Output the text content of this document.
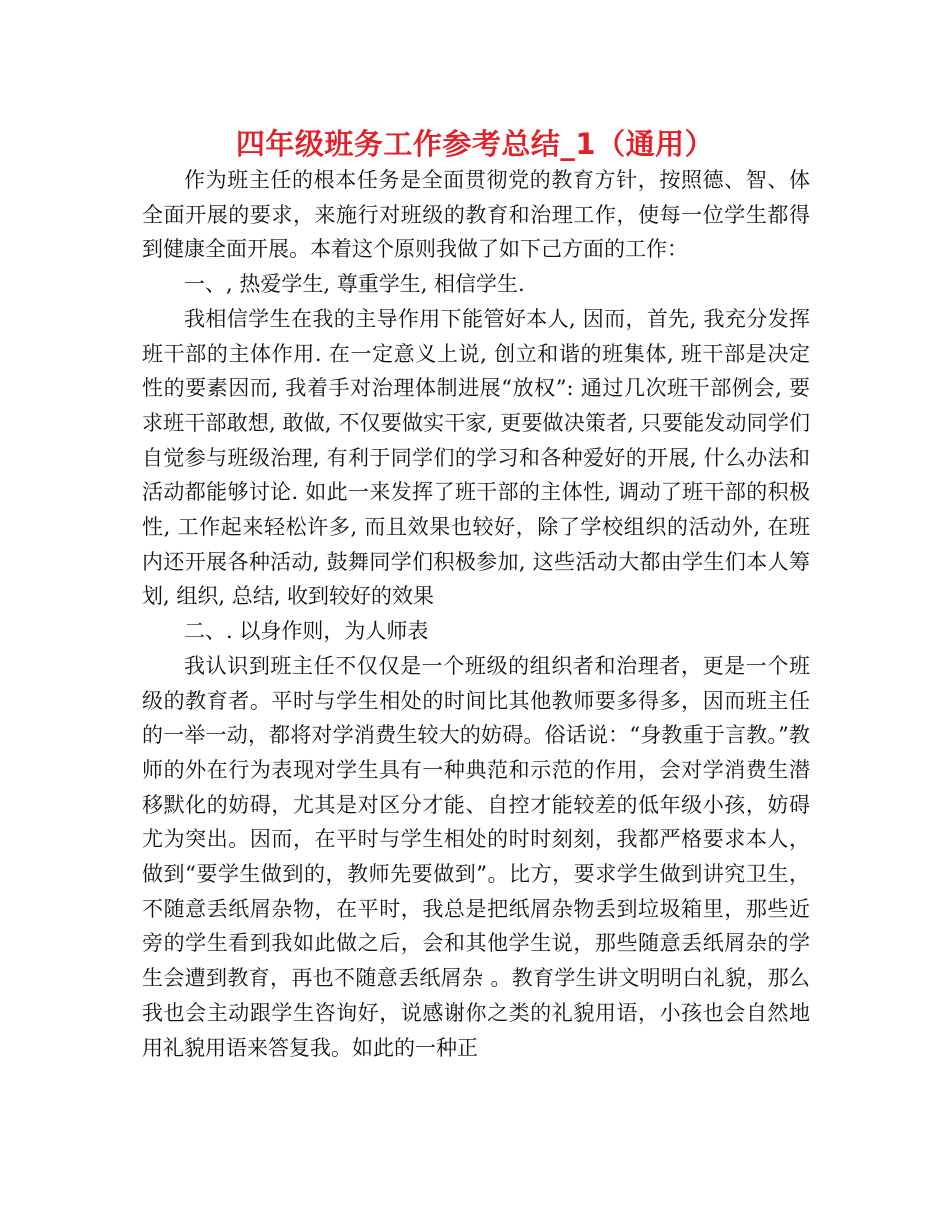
四年级班务工作参考总结_1（通用）

作为班主任的根本任务是全面贯彻党的教育方针，按照德、智、体全面开展的要求，来施行对班级的教育和治理工作，使每一位学生都得到健康全面开展。本着这个原则我做了如下己方面的工作：

一、, 热爱学生, 尊重学生, 相信学生.

我相信学生在我的主导作用下能管好本人, 因而，首先, 我充分发挥班干部的主体作用. 在一定意义上说, 创立和谐的班集体, 班干部是决定性的要素因而, 我着手对治理体制进展“放权”: 通过几次班干部例会, 要求班干部敢想, 敢做, 不仅要做实干家, 更要做决策者, 只要能发动同学们自觉参与班级治理, 有利于同学们的学习和各种爱好的开展, 什么办法和活动都能够讨论. 如此一来发挥了班干部的主体性, 调动了班干部的积极性, 工作起来轻松许多, 而且效果也较好，除了学校组织的活动外, 在班内还开展各种活动, 鼓舞同学们积极参加, 这些活动大都由学生们本人筹划, 组织, 总结, 收到较好的效果

二、. 以身作则，为人师表

我认识到班主任不仅仅是一个班级的组织者和治理者，更是一个班级的教育者。平时与学生相处的时间比其他教师要多得多，因而班主任的一举一动，都将对学消费生较大的妨碍。俗话说：“身教重于言教。”教师的外在行为表现对学生具有一种典范和示范的作用，会对学消费生潜移默化的妨碍，尤其是对区分才能、自控才能较差的低年级小孩，妨碍尤为突出。因而，在平时与学生相处的时时刻刻，我都严格要求本人，做到“要学生做到的，教师先要做到”。比方，要求学生做到讲究卫生，不随意丢纸屑杂物，在平时，我总是把纸屑杂物丢到垃圾箱里，那些近旁的学生看到我如此做之后，会和其他学生说，那些随意丢纸屑杂的学生会遭到教育，再也不随意丢纸屑杂 。教育学生讲文明明白礼貌，那么我也会主动跟学生咨询好，说感谢你之类的礼貌用语，小孩也会自然地用礼貌用语来答复我。如此的一种正
